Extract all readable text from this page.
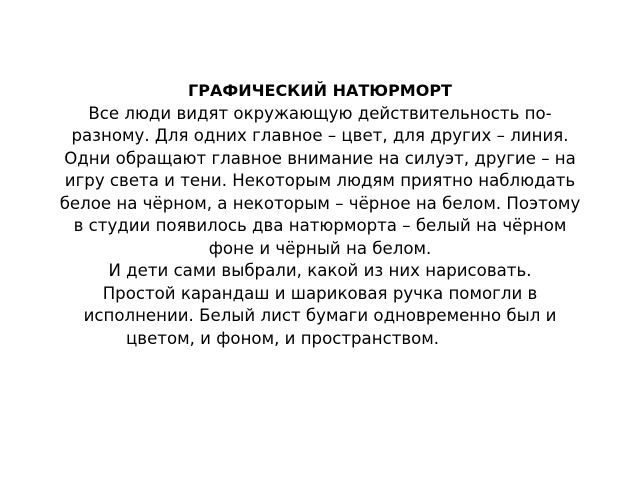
ГРАФИЧЕСКИЙ НАТЮРМОРТ
Все люди видят окружающую действительность по-
разному. Для одних главное – цвет, для других – линия.
Одни обращают главное внимание на силуэт, другие – на
игру света и тени. Некоторым людям приятно наблюдать
белое на чёрном, а некоторым – чёрное на белом. Поэтому
в студии появилось два натюрморта – белый на чёрном
фоне и чёрный на белом.
И дети сами выбрали, какой из них нарисовать.
Простой карандаш и шариковая ручка помогли в
исполнении. Белый лист бумаги одновременно был и
цветом, и фоном, и пространством.
